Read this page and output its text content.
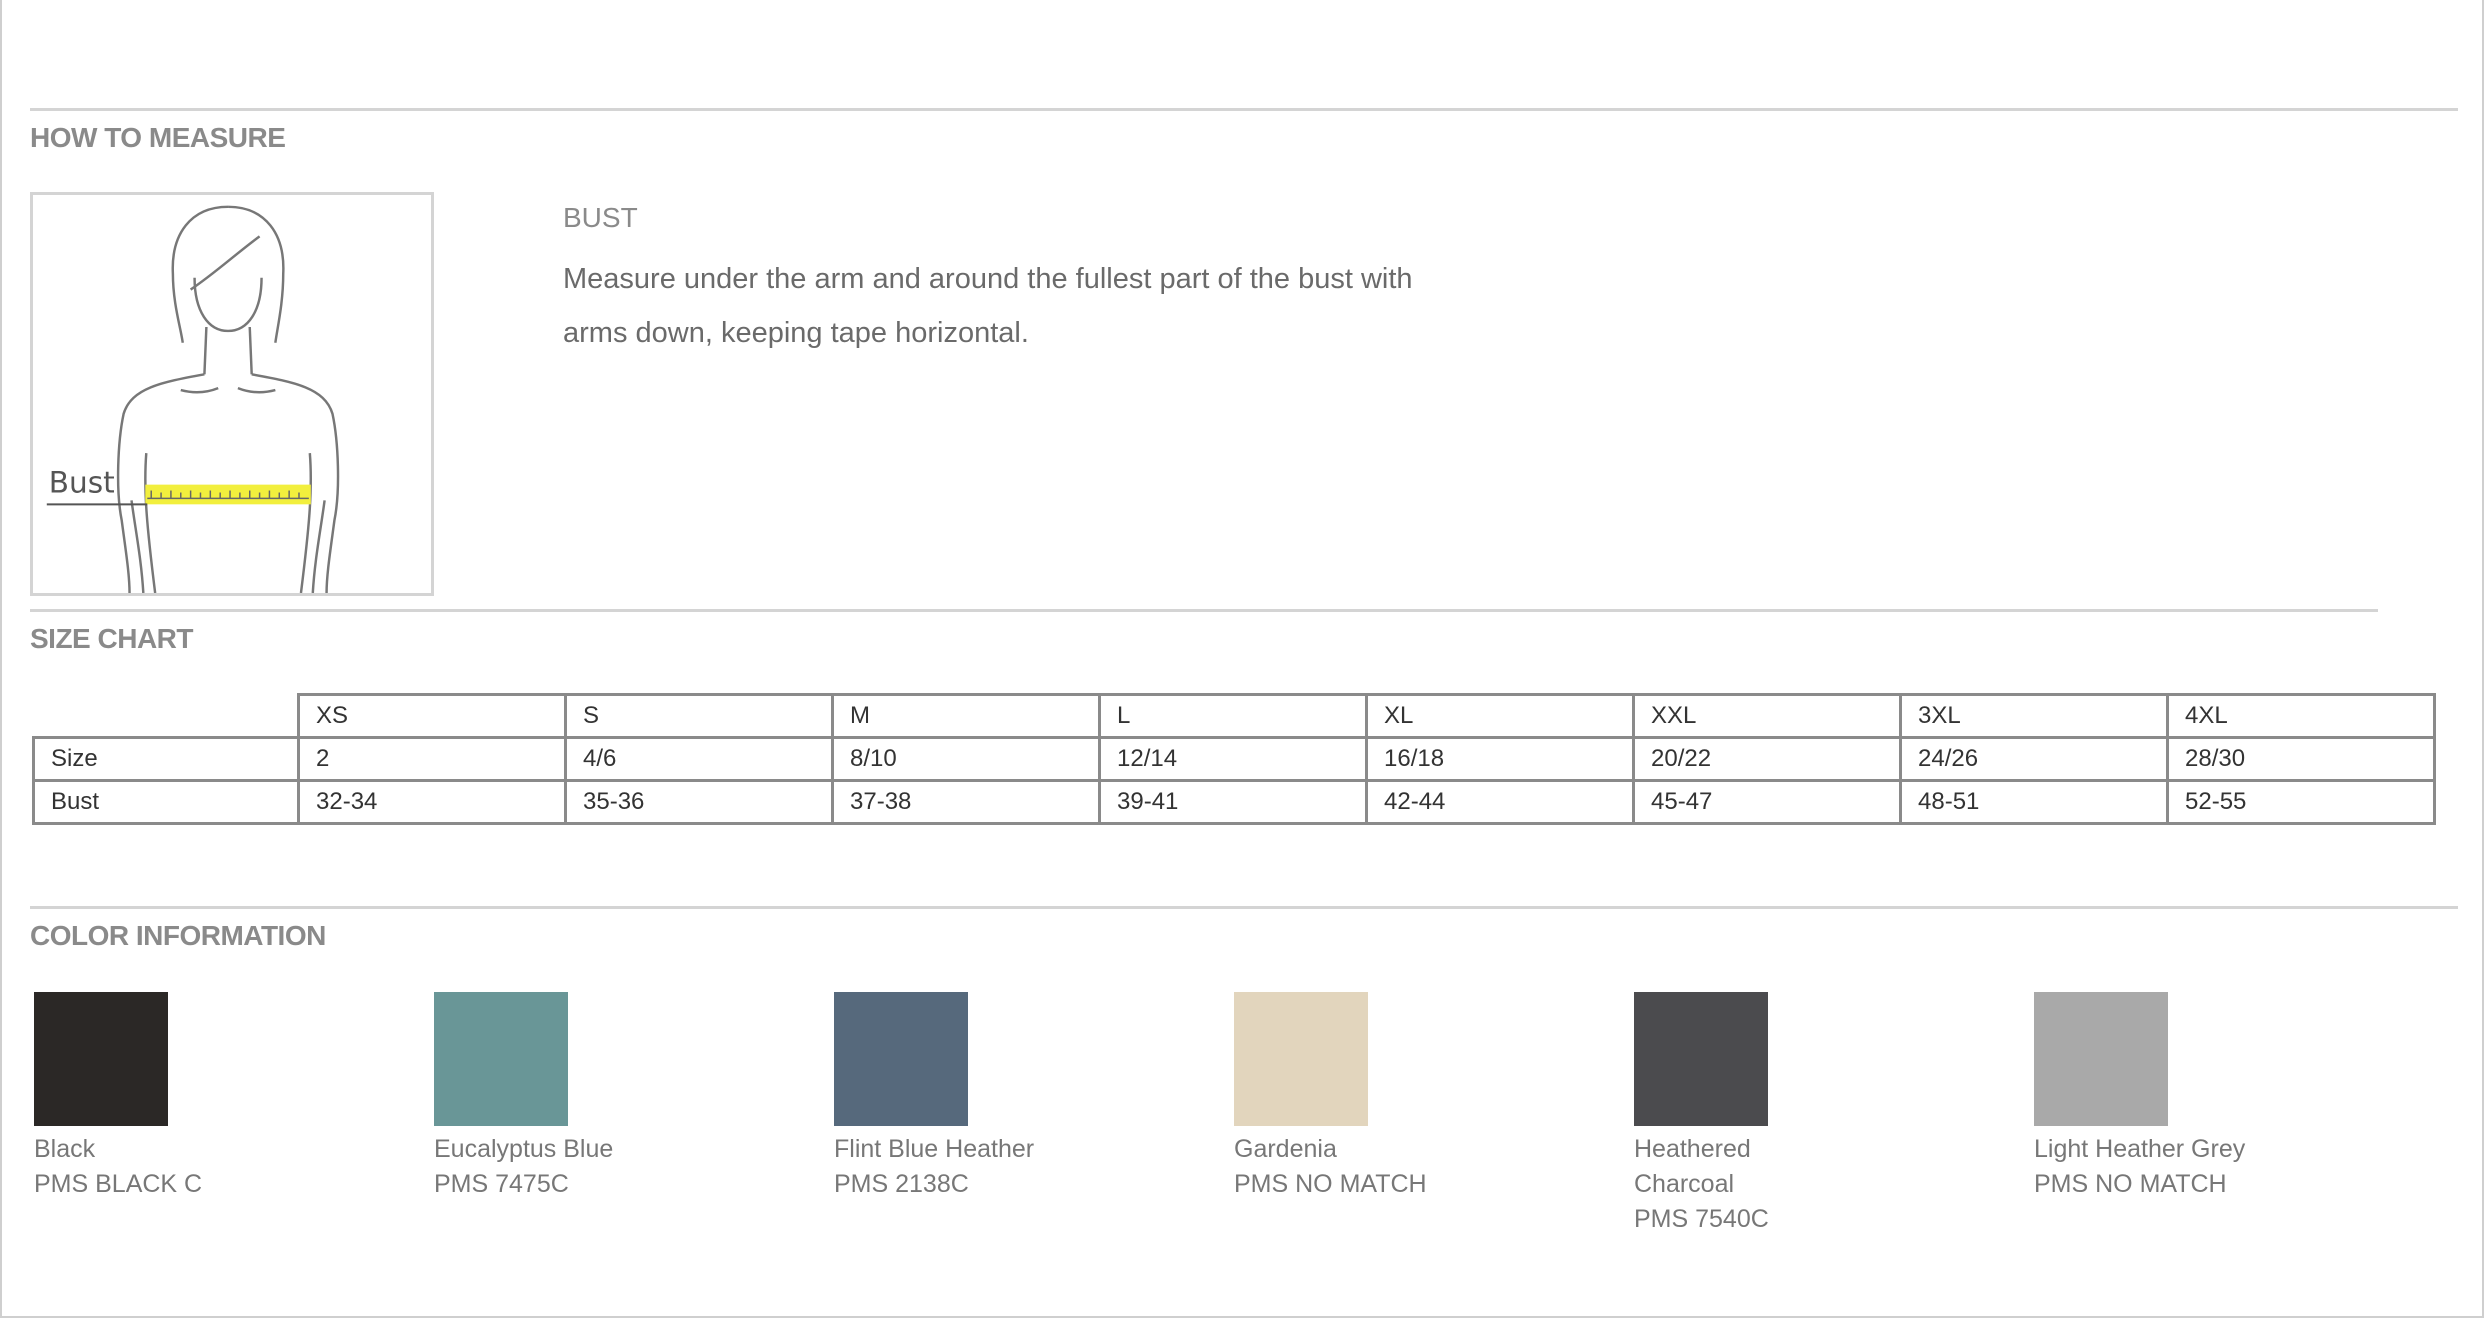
HOW TO MEASURE
Bust
BUST
Measure under the arm and around the fullest part of the bust with arms down, keeping tape horizontal.
SIZE CHART
	XS	S	M	L	XL	XXL	3XL	4XL
Size	2	4/6	8/10	12/14	16/18	20/22	24/26	28/30
Bust	32-34	35-36	37-38	39-41	42-44	45-47	48-51	52-55
COLOR INFORMATION
Black
PMS BLACK C
Eucalyptus Blue
PMS 7475C
Flint Blue Heather
PMS 2138C
Gardenia
PMS NO MATCH
Heathered Charcoal
PMS 7540C
Light Heather Grey
PMS NO MATCH
